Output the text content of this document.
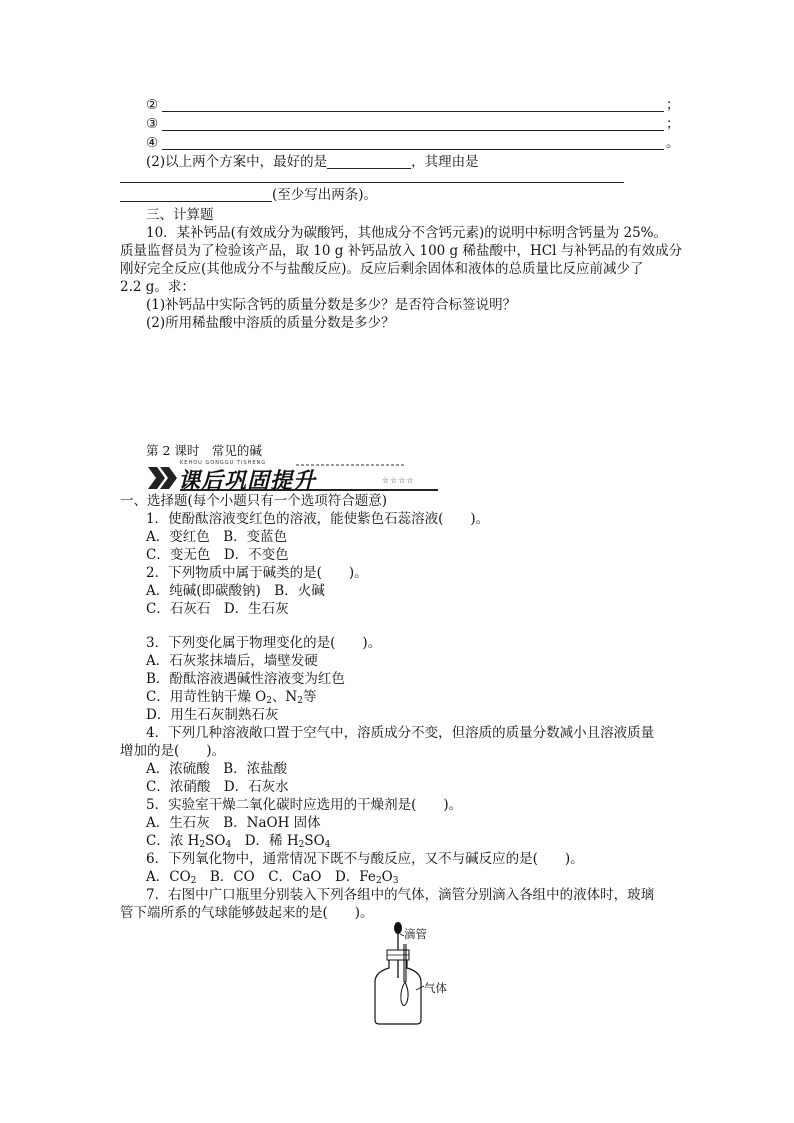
②	；
③	；
④	。
(2)以上两个方案中，最好的是	，其理由是
(至少写出两条)。
三、计算题
10．某补钙品(有效成分为碳酸钙，其他成分不含钙元素)的说明中标明含钙量为 25%。
质量监督员为了检验该产品，取 10 g 补钙品放入 100 g 稀盐酸中，HCl 与补钙品的有效成分
刚好完全反应(其他成分不与盐酸反应)。反应后剩余固体和液体的总质量比反应前减少了
2.2 g。求：
(1)补钙品中实际含钙的质量分数是多少？是否符合标签说明？
(2)所用稀盐酸中溶质的质量分数是多少？
第 2 课时　常见的碱
KEHOU GONGGU TISHENG
课后巩固提升	☆☆☆☆
一、选择题(每个小题只有一个选项符合题意)
1．使酚酞溶液变红色的溶液，能使紫色石蕊溶液(　　)。
A．变红色　B．变蓝色
C．变无色　D．不变色
2．下列物质中属于碱类的是(　　)。
A．纯碱(即碳酸钠)　B．火碱
C．石灰石　D．生石灰
3．下列变化属于物理变化的是(　　)。
A．石灰浆抹墙后，墙壁发硬
B．酚酞溶液遇碱性溶液变为红色
C．用苛性钠干燥 $O_2$、$N_2$等
D．用生石灰制熟石灰
4．下列几种溶液敞口置于空气中，溶质成分不变，但溶质的质量分数减小且溶液质量
增加的是(　　)。
A．浓硫酸　B．浓盐酸
C．浓硝酸　D．石灰水
5．实验室干燥二氧化碳时应选用的干燥剂是(　　)。
A．生石灰　B．NaOH 固体
C．浓 $H_2SO_4$　D．稀 $H_2SO_4$
6．下列氧化物中，通常情况下既不与酸反应，又不与碱反应的是(　　)。
A．$CO_2$　B．CO　C．CaO　D．$Fe_2O_3$
7．右图中广口瓶里分别装入下列各组中的气体，滴管分别滴入各组中的液体时，玻璃
管下端所系的气球能够鼓起来的是(　　)。
滴管
气体
